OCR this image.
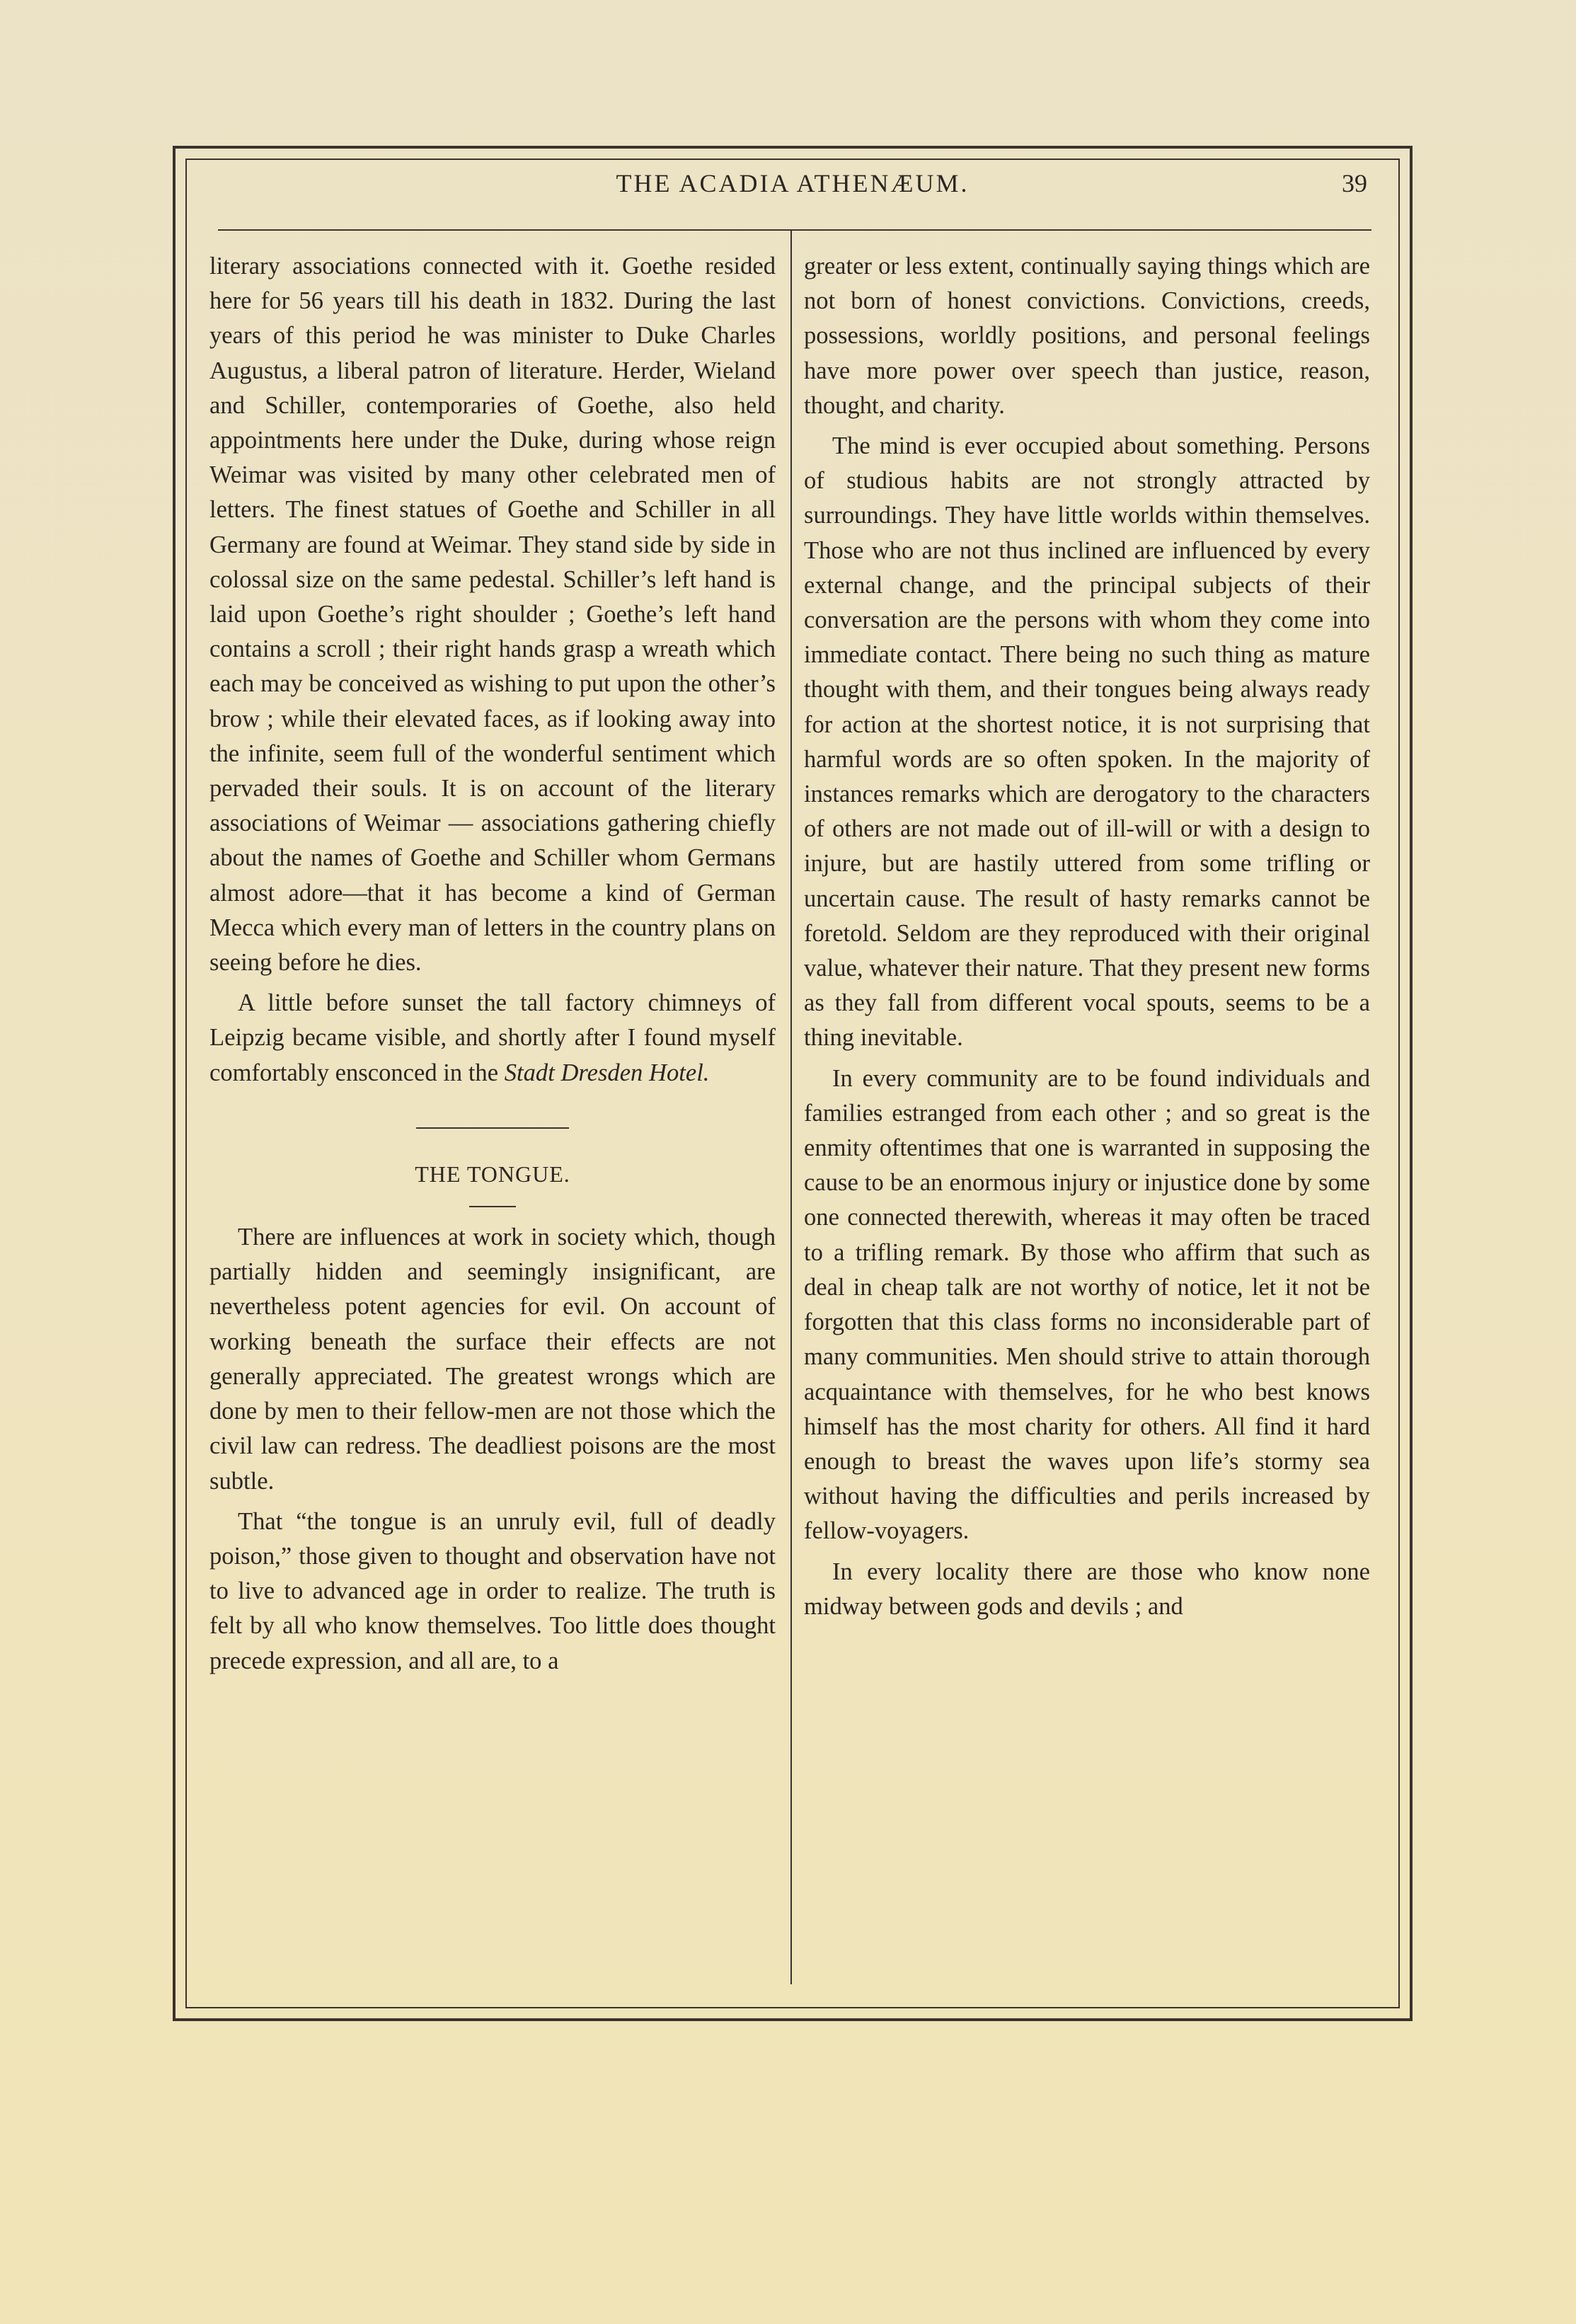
THE ACADIA ATHENÆUM.	39

literary associations connected with it. Goethe resided here for 56 years till his death in 1832. During the last years of this period he was minister to Duke Charles Augustus, a liberal patron of literature. Herder, Wieland and Schiller, contemporaries of Goethe, also held appointments here under the Duke, during whose reign Weimar was visited by many other celebrated men of letters. The finest statues of Goethe and Schiller in all Germany are found at Weimar. They stand side by side in colossal size on the same pedestal. Schiller’s left hand is laid upon Goethe’s right shoulder ; Goethe’s left hand contains a scroll ; their right hands grasp a wreath which each may be conceived as wishing to put upon the other’s brow ; while their elevated faces, as if looking away into the infinite, seem full of the wonderful sentiment which pervaded their souls. It is on account of the literary associations of Weimar — associations gathering chiefly about the names of Goethe and Schiller whom Germans almost adore—that it has become a kind of German Mecca which every man of letters in the country plans on seeing before he dies.

A little before sunset the tall factory chimneys of Leipzig became visible, and shortly after I found myself comfortably ensconced in the Stadt Dresden Hotel.

THE TONGUE.

There are influences at work in society which, though partially hidden and seemingly insignificant, are nevertheless potent agencies for evil. On account of working beneath the surface their effects are not generally appreciated. The greatest wrongs which are done by men to their fellow-men are not those which the civil law can redress. The deadliest poisons are the most subtle.

That “the tongue is an unruly evil, full of deadly poison,” those given to thought and observation have not to live to advanced age in order to realize. The truth is felt by all who know themselves. Too little does thought precede expression, and all are, to a

greater or less extent, continually saying things which are not born of honest convictions. Convictions, creeds, possessions, worldly positions, and personal feelings have more power over speech than justice, reason, thought, and charity.

The mind is ever occupied about something. Persons of studious habits are not strongly attracted by surroundings. They have little worlds within themselves. Those who are not thus inclined are influenced by every external change, and the principal subjects of their conversation are the persons with whom they come into immediate contact. There being no such thing as mature thought with them, and their tongues being always ready for action at the shortest notice, it is not surprising that harmful words are so often spoken. In the majority of instances remarks which are derogatory to the characters of others are not made out of ill-will or with a design to injure, but are hastily uttered from some trifling or uncertain cause. The result of hasty remarks cannot be foretold. Seldom are they reproduced with their original value, whatever their nature. That they present new forms as they fall from different vocal spouts, seems to be a thing inevitable.

In every community are to be found individuals and families estranged from each other ; and so great is the enmity oftentimes that one is warranted in supposing the cause to be an enormous injury or injustice done by some one connected therewith, whereas it may often be traced to a trifling remark. By those who affirm that such as deal in cheap talk are not worthy of notice, let it not be forgotten that this class forms no inconsiderable part of many communities. Men should strive to attain thorough acquaintance with themselves, for he who best knows himself has the most charity for others. All find it hard enough to breast the waves upon life’s stormy sea without having the difficulties and perils increased by fellow-voyagers.

In every locality there are those who know none midway between gods and devils ; and
